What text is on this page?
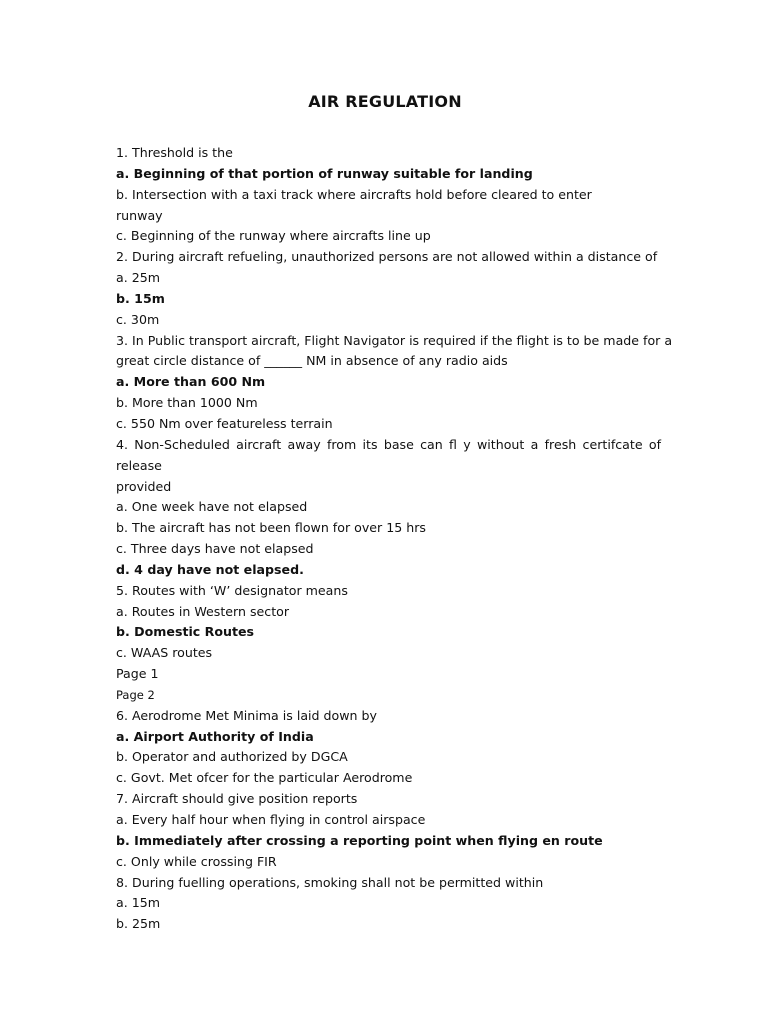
AIR REGULATION
1. Threshold is the
a. Beginning of that portion of runway suitable for landing
b. Intersection with a taxi track where aircrafts hold before cleared to enter
runway
c. Beginning of the runway where aircrafts line up
2. During aircraft refueling, unauthorized persons are not allowed within a distance of
a. 25m
b. 15m
c. 30m
3. In Public transport aircraft, Flight Navigator is required if the flight is to be made for a
great circle distance of ______ NM in absence of any radio aids
a. More than 600 Nm
b. More than 1000 Nm
c. 550 Nm over featureless terrain
4. Non-Scheduled aircraft away from its base can fl y without a fresh certifcate of
release
provided
a. One week have not elapsed
b. The aircraft has not been flown for over 15 hrs
c. Three days have not elapsed
d. 4 day have not elapsed.
5. Routes with ‘W’ designator means
a. Routes in Western sector
b. Domestic Routes
c. WAAS routes
Page 1
Page 2
6. Aerodrome Met Minima is laid down by
a. Airport Authority of India
b. Operator and authorized by DGCA
c. Govt. Met ofcer for the particular Aerodrome
7. Aircraft should give position reports
a. Every half hour when flying in control airspace
b. Immediately after crossing a reporting point when flying en route
c. Only while crossing FIR
8. During fuelling operations, smoking shall not be permitted within
a. 15m
b. 25m
